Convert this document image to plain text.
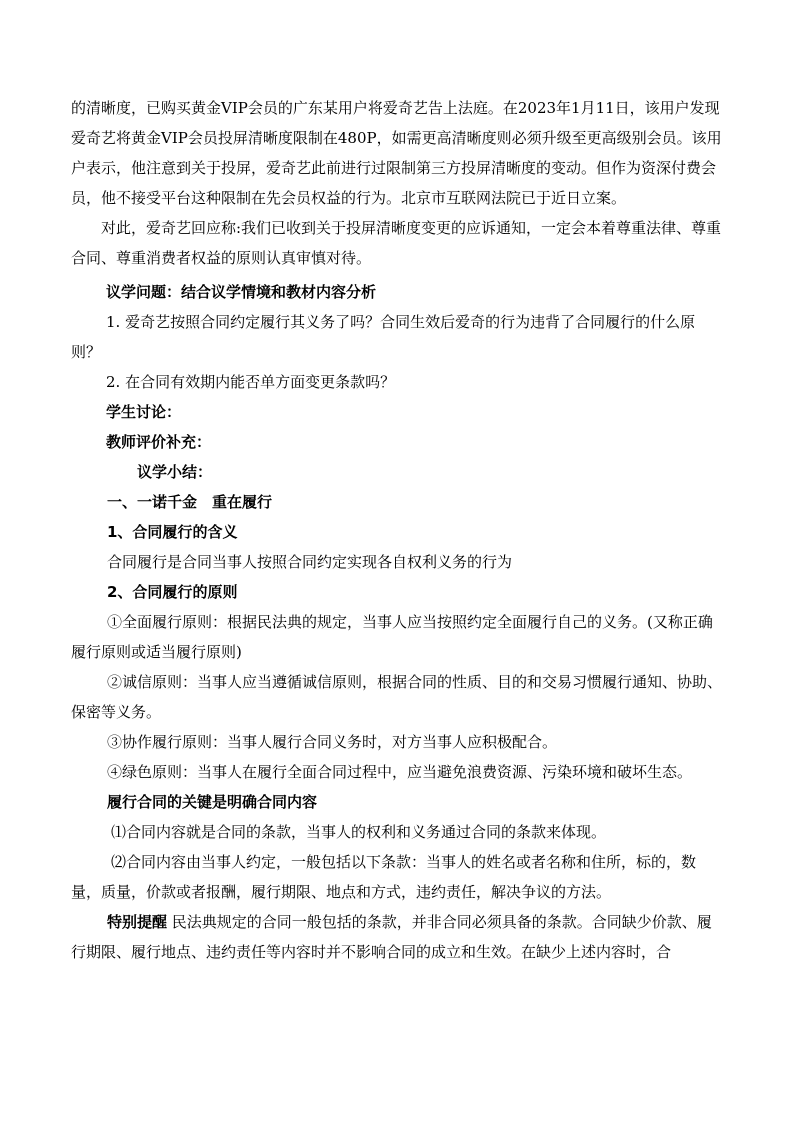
的清晰度，已购买黄金VIP会员的广东某用户将爱奇艺告上法庭。在2023年1月11日，该用户发现爱奇艺将黄金VIP会员投屏清晰度限制在480P，如需更高清晰度则必须升级至更高级别会员。该用户表示，他注意到关于投屏，爱奇艺此前进行过限制第三方投屏清晰度的变动。但作为资深付费会员，他不接受平台这种限制在先会员权益的行为。北京市互联网法院已于近日立案。

对此，爱奇艺回应称:我们已收到关于投屏清晰度变更的应诉通知，一定会本着尊重法律、尊重合同、尊重消费者权益的原则认真审慎对待。

议学问题：结合议学情境和教材内容分析

1. 爱奇艺按照合同约定履行其义务了吗？合同生效后爱奇的行为违背了合同履行的什么原则？

2. 在合同有效期内能否单方面变更条款吗？

学生讨论：

教师评价补充：

议学小结：

一、一诺千金　重在履行

1、合同履行的含义

合同履行是合同当事人按照合同约定实现各自权利义务的行为

2、合同履行的原则

①全面履行原则：根据民法典的规定，当事人应当按照约定全面履行自己的义务。(又称正确履行原则或适当履行原则)

②诚信原则：当事人应当遵循诚信原则，根据合同的性质、目的和交易习惯履行通知、协助、保密等义务。

③协作履行原则：当事人履行合同义务时，对方当事人应积极配合。

④绿色原则：当事人在履行全面合同过程中，应当避免浪费资源、污染环境和破坏生态。

履行合同的关键是明确合同内容

⑴合同内容就是合同的条款，当事人的权利和义务通过合同的条款来体现。

⑵合同内容由当事人约定，一般包括以下条款：当事人的姓名或者名称和住所，标的，数量，质量，价款或者报酬，履行期限、地点和方式，违约责任，解决争议的方法。

特别提醒 民法典规定的合同一般包括的条款，并非合同必须具备的条款。合同缺少价款、履行期限、履行地点、违约责任等内容时并不影响合同的成立和生效。在缺少上述内容时，合
